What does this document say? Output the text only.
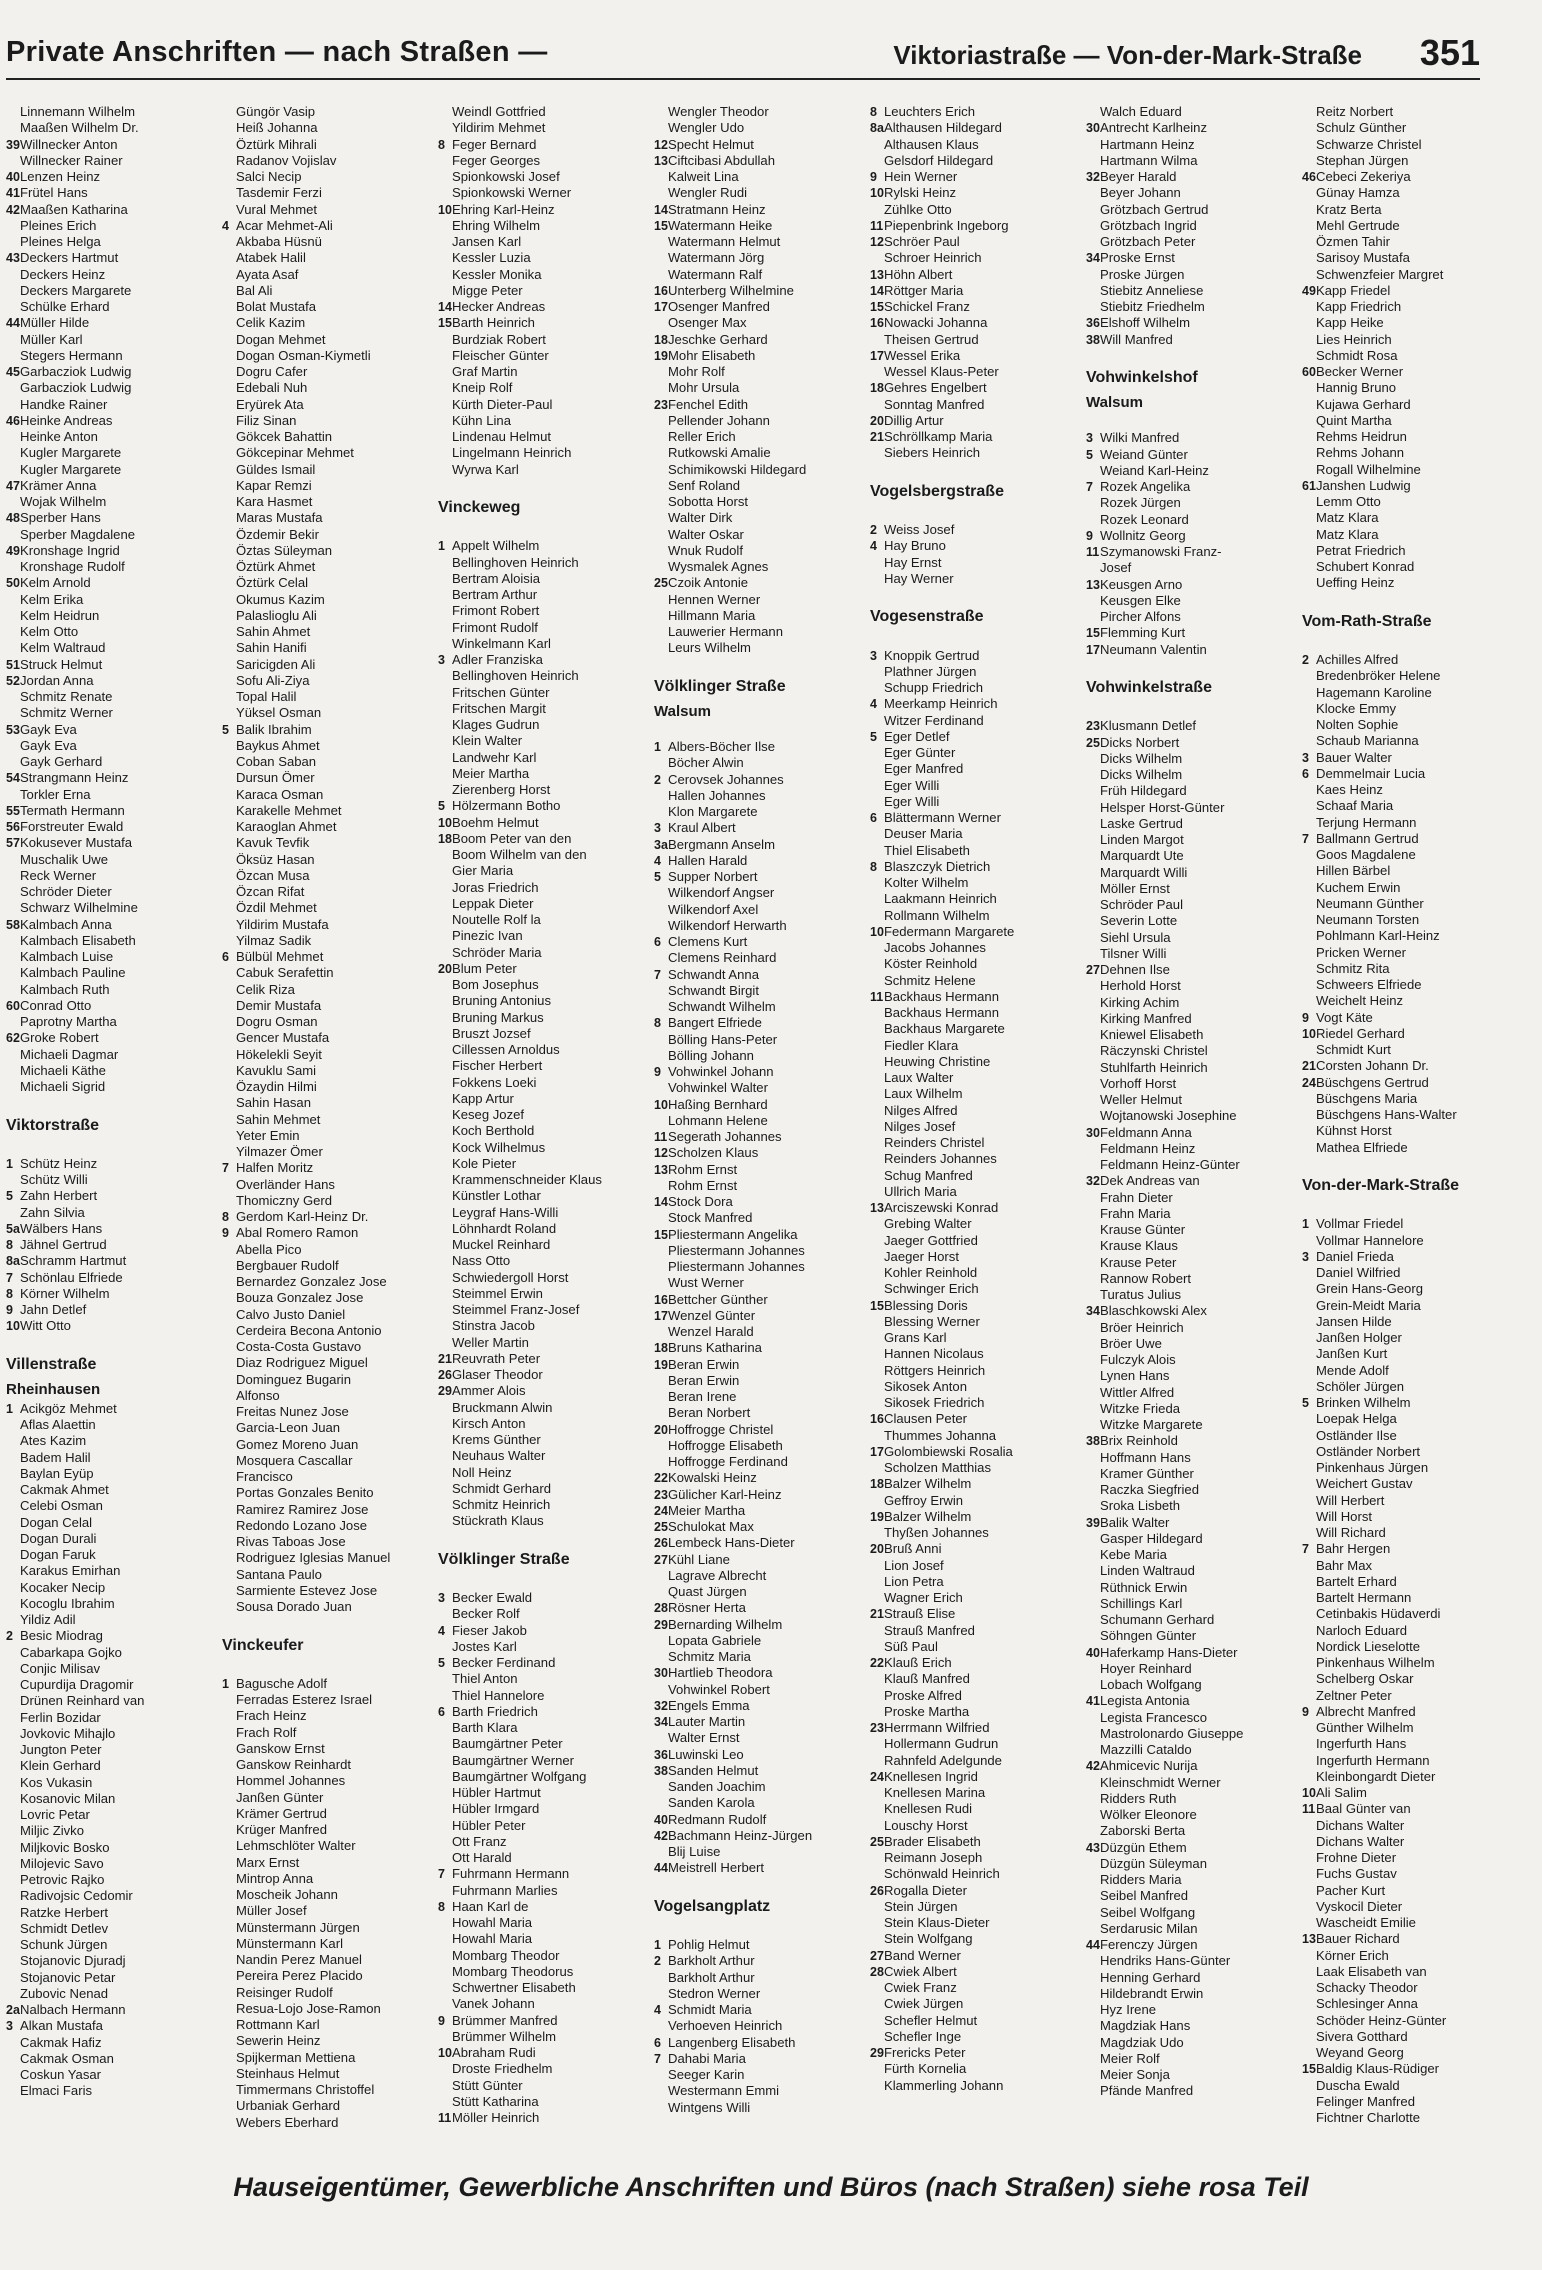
Private Anschriften — nach Straßen —	Viktoriastraße — Von-der-Mark-Straße 351
Linnemann Wilhelm
Maaßen Wilhelm Dr.
39 Willnecker Anton
Willnecker Rainer
40 Lenzen Heinz
41 Frütel Hans
42 Maaßen Katharina
Pleines Erich
Pleines Helga
43 Deckers Hartmut
Deckers Heinz
Deckers Margarete
Schülke Erhard
44 Müller Hilde
Müller Karl
Stegers Hermann
45 Garbacziok Ludwig
Garbacziok Ludwig
Handke Rainer
46 Heinke Andreas
Heinke Anton
Kugler Margarete
Kugler Margarete
47 Krämer Anna
Wojak Wilhelm
48 Sperber Hans
Sperber Magdalene
49 Kronshage Ingrid
Kronshage Rudolf
50 Kelm Arnold
Kelm Erika
Kelm Heidrun
Kelm Otto
Kelm Waltraud
51 Struck Helmut
52 Jordan Anna
Schmitz Renate
Schmitz Werner
53 Gayk Eva
Gayk Eva
Gayk Gerhard
54 Strangmann Heinz
Torkler Erna
55 Termath Hermann
56 Forstreuter Ewald
57 Kokusever Mustafa
Muschalik Uwe
Reck Werner
Schröder Dieter
Schwarz Wilhelmine
58 Kalmbach Anna
Kalmbach Elisabeth
Kalmbach Luise
Kalmbach Pauline
Kalmbach Ruth
60 Conrad Otto
Paprotny Martha
62 Groke Robert
Michaeli Dagmar
Michaeli Käthe
Michaeli Sigrid
Viktorstraße
1 Schütz Heinz
Schütz Willi
5 Zahn Herbert
Zahn Silvia
5a Wälbers Hans
8 Jähnel Gertrud
8a Schramm Hartmut
7 Schönlau Elfriede
8 Körner Wilhelm
9 Jahn Detlef
10 Witt Otto
Villenstraße
Rheinhausen
1 Acikgöz Mehmet
Aflas Alaettin
Ates Kazim
Badem Halil
Baylan Eyüp
Cakmak Ahmet
Celebi Osman
Dogan Celal
Dogan Durali
Dogan Faruk
Karakus Emirhan
Kocaker Necip
Kocoglu Ibrahim
Yildiz Adil
2 Besic Miodrag
Cabarkapa Gojko
Conjic Milisav
Cupurdija Dragomir
Drünen Reinhard van
Ferlin Bozidar
Jovkovic Mihajlo
Jungton Peter
Klein Gerhard
Kos Vukasin
Kosanovic Milan
Lovric Petar
Miljic Zivko
Miljkovic Bosko
Milojevic Savo
Petrovic Rajko
Radivojsic Cedomir
Ratzke Herbert
Schmidt Detlev
Schunk Jürgen
Stojanovic Djuradj
Stojanovic Petar
Zubovic Nenad
2a Nalbach Hermann
3 Alkan Mustafa
Cakmak Hafiz
Cakmak Osman
Coskun Yasar
Elmaci Faris
Güngör Vasip
Heiß Johanna
Öztürk Mihrali
Radanov Vojislav
Salci Necip
Tasdemir Ferzi
Vural Mehmet
4 Acar Mehmet-Ali
Akbaba Hüsnü
Atabek Halil
Ayata Asaf
Bal Ali
Bolat Mustafa
Celik Kazim
Dogan Mehmet
Dogan Osman-Kiymetli
Dogru Cafer
Edebali Nuh
Eryürek Ata
Filiz Sinan
Gökcek Bahattin
Gökcepinar Mehmet
Güldes Ismail
Kapar Remzi
Kara Hasmet
Maras Mustafa
Özdemir Bekir
Öztas Süleyman
Öztürk Ahmet
Öztürk Celal
Okumus Kazim
Palaslioglu Ali
Sahin Ahmet
Sahin Hanifi
Saricigden Ali
Sofu Ali-Ziya
Topal Halil
Yüksel Osman
5 Balik Ibrahim
Baykus Ahmet
Coban Saban
Dursun Ömer
Karaca Osman
Karakelle Mehmet
Karaoglan Ahmet
Kavuk Tevfik
Öksüz Hasan
Özcan Musa
Özcan Rifat
Özdil Mehmet
Yildirim Mustafa
Yilmaz Sadik
6 Bülbül Mehmet
Cabuk Serafettin
Celik Riza
Demir Mustafa
Dogru Osman
Gencer Mustafa
Hökelekli Seyit
Kavuklu Sami
Özaydin Hilmi
Sahin Hasan
Sahin Mehmet
Yeter Emin
Yilmazer Ömer
7 Halfen Moritz
Overländer Hans
Thomiczny Gerd
8 Gerdom Karl-Heinz Dr.
9 Abal Romero Ramon
Abella Pico
Bergbauer Rudolf
Bernardez Gonzalez Jose
Bouza Gonzalez Jose
Calvo Justo Daniel
Cerdeira Becona Antonio
Costa-Costa Gustavo
Diaz Rodriguez Miguel
Dominguez Bugarin
Alfonso
Freitas Nunez Jose
Garcia-Leon Juan
Gomez Moreno Juan
Mosquera Cascallar
Francisco
Portas Gonzales Benito
Ramirez Ramirez Jose
Redondo Lozano Jose
Rivas Taboas Jose
Rodriguez Iglesias Manuel
Santana Paulo
Sarmiente Estevez Jose
Sousa Dorado Juan
Vinckeufer
1 Bagusche Adolf
Ferradas Esterez Israel
Frach Heinz
Frach Rolf
Ganskow Ernst
Ganskow Reinhardt
Hommel Johannes
Janßen Günter
Krämer Gertrud
Krüger Manfred
Lehmschlöter Walter
Marx Ernst
Mintrop Anna
Moscheik Johann
Müller Josef
Münstermann Jürgen
Münstermann Karl
Nandin Perez Manuel
Pereira Perez Placido
Reisinger Rudolf
Resua-Lojo Jose-Ramon
Rottmann Karl
Sewerin Heinz
Spijkerman Mettiena
Steinhaus Helmut
Timmermans Christoffel
Urbaniak Gerhard
Webers Eberhard
Weindl Gottfried
Yildirim Mehmet
8 Feger Bernard
Feger Georges
Spionkowski Josef
Spionkowski Werner
10 Ehring Karl-Heinz
Ehring Wilhelm
Jansen Karl
Kessler Luzia
Kessler Monika
Migge Peter
14 Hecker Andreas
15 Barth Heinrich
Burdziak Robert
Fleischer Günter
Graf Martin
Kneip Rolf
Kürth Dieter-Paul
Kühn Lina
Lindenau Helmut
Lingelmann Heinrich
Wyrwa Karl
Vinckeweg
1 Appelt Wilhelm
Bellinghoven Heinrich
Bertram Aloisia
Bertram Arthur
Frimont Robert
Frimont Rudolf
Winkelmann Karl
3 Adler Franziska
Bellinghoven Heinrich
Fritschen Günter
Fritschen Margit
Klages Gudrun
Klein Walter
Landwehr Karl
Meier Martha
Zierenberg Horst
5 Hölzermann Botho
10 Boehm Helmut
18 Boom Peter van den
Boom Wilhelm van den
Gier Maria
Joras Friedrich
Leppak Dieter
Noutelle Rolf la
Pinezic Ivan
Schröder Maria
20 Blum Peter
Bom Josephus
Bruning Antonius
Bruning Markus
Bruszt Jozsef
Cillessen Arnoldus
Fischer Herbert
Fokkens Loeki
Kapp Artur
Keseg Jozef
Koch Berthold
Kock Wilhelmus
Kole Pieter
Krammenschneider Klaus
Künstler Lothar
Leygraf Hans-Willi
Löhnhardt Roland
Muckel Reinhard
Nass Otto
Schwiedergoll Horst
Steimmel Erwin
Steimmel Franz-Josef
Stinstra Jacob
Weller Martin
21 Reuvrath Peter
26 Glaser Theodor
29 Ammer Alois
Bruckmann Alwin
Kirsch Anton
Krems Günther
Neuhaus Walter
Noll Heinz
Schmidt Gerhard
Schmitz Heinrich
Stückrath Klaus
Völklinger Straße
3 Becker Ewald
Becker Rolf
4 Fieser Jakob
Jostes Karl
5 Becker Ferdinand
Thiel Anton
Thiel Hannelore
6 Barth Friedrich
Barth Klara
Baumgärtner Peter
Baumgärtner Werner
Baumgärtner Wolfgang
Hübler Hartmut
Hübler Irmgard
Hübler Peter
Ott Franz
Ott Harald
7 Fuhrmann Hermann
Fuhrmann Marlies
8 Haan Karl de
Howahl Maria
Howahl Maria
Mombarg Theodor
Mombarg Theodorus
Schwertner Elisabeth
Vanek Johann
9 Brümmer Manfred
Brümmer Wilhelm
10 Abraham Rudi
Droste Friedhelm
Stütt Günter
Stütt Katharina
11 Möller Heinrich
Wengler Theodor
Wengler Udo
12 Specht Helmut
13 Ciftcibasi Abdullah
Kalweit Lina
Wengler Rudi
14 Stratmann Heinz
15 Watermann Heike
Watermann Helmut
Watermann Jörg
Watermann Ralf
16 Unterberg Wilhelmine
17 Osenger Manfred
Osenger Max
18 Jeschke Gerhard
19 Mohr Elisabeth
Mohr Rolf
Mohr Ursula
23 Fenchel Edith
Pellender Johann
Reller Erich
Rutkowski Amalie
Schimikowski Hildegard
Senf Roland
Sobotta Horst
Walter Dirk
Walter Oskar
Wnuk Rudolf
Wysmalek Agnes
25 Czoik Antonie
Hennen Werner
Hillmann Maria
Lauwerier Hermann
Leurs Wilhelm
Völklinger Straße
Walsum
1 Albers-Böcher Ilse
Böcher Alwin
2 Cerovsek Johannes
Hallen Johannes
Klon Margarete
3 Kraul Albert
3a Bergmann Anselm
4 Hallen Harald
5 Supper Norbert
Wilkendorf Angser
Wilkendorf Axel
Wilkendorf Herwarth
6 Clemens Kurt
Clemens Reinhard
7 Schwandt Anna
Schwandt Birgit
Schwandt Wilhelm
8 Bangert Elfriede
Bölling Hans-Peter
Bölling Johann
9 Vohwinkel Johann
Vohwinkel Walter
10 Haßing Bernhard
Lohmann Helene
11 Segerath Johannes
12 Scholzen Klaus
13 Rohm Ernst
Rohm Ernst
14 Stock Dora
Stock Manfred
15 Pliestermann Angelika
Pliestermann Johannes
Pliestermann Johannes
Wust Werner
16 Bettcher Günther
17 Wenzel Günter
Wenzel Harald
18 Bruns Katharina
19 Beran Erwin
Beran Erwin
Beran Irene
Beran Norbert
20 Hoffrogge Christel
Hoffrogge Elisabeth
Hoffrogge Ferdinand
22 Kowalski Heinz
23 Gülicher Karl-Heinz
24 Meier Martha
25 Schulokat Max
26 Lembeck Hans-Dieter
27 Kühl Liane
Lagrave Albrecht
Quast Jürgen
28 Rösner Herta
29 Bernarding Wilhelm
Lopata Gabriele
Schmitz Maria
30 Hartlieb Theodora
Vohwinkel Robert
32 Engels Emma
34 Lauter Martin
Walter Ernst
36 Luwinski Leo
38 Sanden Helmut
Sanden Joachim
Sanden Karola
40 Redmann Rudolf
42 Bachmann Heinz-Jürgen
Blij Luise
44 Meistrell Herbert
Vogelsangplatz
1 Pohlig Helmut
2 Barkholt Arthur
Barkholt Arthur
Stedron Werner
4 Schmidt Maria
Verhoeven Heinrich
6 Langenberg Elisabeth
7 Dahabi Maria
Seeger Karin
Westermann Emmi
Wintgens Willi
8 Leuchters Erich
8a Althausen Hildegard
Althausen Klaus
Gelsdorf Hildegard
9 Hein Werner
10 Rylski Heinz
Zühlke Otto
11 Piepenbrink Ingeborg
12 Schröer Paul
Schroer Heinrich
13 Höhn Albert
14 Röttger Maria
15 Schickel Franz
16 Nowacki Johanna
Theisen Gertrud
17 Wessel Erika
Wessel Klaus-Peter
18 Gehres Engelbert
Sonntag Manfred
20 Dillig Artur
21 Schröllkamp Maria
Siebers Heinrich
Vogelsbergstraße
2 Weiss Josef
4 Hay Bruno
Hay Ernst
Hay Werner
Vogesenstraße
3 Knoppik Gertrud
Plathner Jürgen
Schupp Friedrich
4 Meerkamp Heinrich
Witzer Ferdinand
5 Eger Detlef
Eger Günter
Eger Manfred
Eger Willi
Eger Willi
6 Blättermann Werner
Deuser Maria
Thiel Elisabeth
8 Blaszczyk Dietrich
Kolter Wilhelm
Laakmann Heinrich
Rollmann Wilhelm
10 Federmann Margarete
Jacobs Johannes
Köster Reinhold
Schmitz Helene
11 Backhaus Hermann
Backhaus Hermann
Backhaus Margarete
Fiedler Klara
Heuwing Christine
Laux Walter
Laux Wilhelm
Nilges Alfred
Nilges Josef
Reinders Christel
Reinders Johannes
Schug Manfred
Ullrich Maria
13 Arciszewski Konrad
Grebing Walter
Jaeger Gottfried
Jaeger Horst
Kohler Reinhold
Schwinger Erich
15 Blessing Doris
Blessing Werner
Grans Karl
Hannen Nicolaus
Röttgers Heinrich
Sikosek Anton
Sikosek Friedrich
16 Clausen Peter
Thummes Johanna
17 Golombiewski Rosalia
Scholzen Matthias
18 Balzer Wilhelm
Geffroy Erwin
19 Balzer Wilhelm
Thyßen Johannes
20 Bruß Anni
Lion Josef
Lion Petra
Wagner Erich
21 Strauß Elise
Strauß Manfred
Süß Paul
22 Klauß Erich
Klauß Manfred
Proske Alfred
Proske Martha
23 Herrmann Wilfried
Hollermann Gudrun
Rahnfeld Adelgunde
24 Knellesen Ingrid
Knellesen Marina
Knellesen Rudi
Louschy Horst
25 Brader Elisabeth
Reimann Joseph
Schönwald Heinrich
26 Rogalla Dieter
Stein Jürgen
Stein Klaus-Dieter
Stein Wolfgang
27 Band Werner
28 Cwiek Albert
Cwiek Franz
Cwiek Jürgen
Schefler Helmut
Schefler Inge
29 Frericks Peter
Fürth Kornelia
Klammerling Johann
Walch Eduard
30 Antrecht Karlheinz
Hartmann Heinz
Hartmann Wilma
32 Beyer Harald
Beyer Johann
Grötzbach Gertrud
Grötzbach Ingrid
Grötzbach Peter
34 Proske Ernst
Proske Jürgen
Stiebitz Anneliese
Stiebitz Friedhelm
36 Elshoff Wilhelm
38 Will Manfred
Vohwinkelshof
Walsum
3 Wilki Manfred
5 Weiand Günter
Weiand Karl-Heinz
7 Rozek Angelika
Rozek Jürgen
Rozek Leonard
9 Wollnitz Georg
11 Szymanowski Franz-
Josef
13 Keusgen Arno
Keusgen Elke
Pircher Alfons
15 Flemming Kurt
17 Neumann Valentin
Vohwinkelstraße
23 Klusmann Detlef
25 Dicks Norbert
Dicks Wilhelm
Dicks Wilhelm
Früh Hildegard
Helsper Horst-Günter
Laske Gertrud
Linden Margot
Marquardt Ute
Marquardt Willi
Möller Ernst
Schröder Paul
Severin Lotte
Siehl Ursula
Tilsner Willi
27 Dehnen Ilse
Herhold Horst
Kirking Achim
Kirking Manfred
Kniewel Elisabeth
Räczynski Christel
Stuhlfarth Heinrich
Vorhoff Horst
Weller Helmut
Wojtanowski Josephine
30 Feldmann Anna
Feldmann Heinz
Feldmann Heinz-Günter
32 Dek Andreas van
Frahn Dieter
Frahn Maria
Krause Günter
Krause Klaus
Krause Peter
Rannow Robert
Turatus Julius
34 Blaschkowski Alex
Bröer Heinrich
Bröer Uwe
Fulczyk Alois
Lynen Hans
Wittler Alfred
Witzke Frieda
Witzke Margarete
38 Brix Reinhold
Hoffmann Hans
Kramer Günther
Raczka Siegfried
Sroka Lisbeth
39 Balik Walter
Gasper Hildegard
Kebe Maria
Linden Waltraud
Rüthnick Erwin
Schillings Karl
Schumann Gerhard
Söhngen Günter
40 Haferkamp Hans-Dieter
Hoyer Reinhard
Lobach Wolfgang
41 Legista Antonia
Legista Francesco
Mastrolonardo Giuseppe
Mazzilli Cataldo
42 Ahmicevic Nurija
Kleinschmidt Werner
Ridders Ruth
Wölker Eleonore
Zaborski Berta
43 Düzgün Ethem
Düzgün Süleyman
Ridders Maria
Seibel Manfred
Seibel Wolfgang
Serdarusic Milan
44 Ferenczy Jürgen
Hendriks Hans-Günter
Henning Gerhard
Hildebrandt Erwin
Hyz Irene
Magdziak Hans
Magdziak Udo
Meier Rolf
Meier Sonja
Pfände Manfred
Reitz Norbert
Schulz Günther
Schwarze Christel
Stephan Jürgen
46 Cebeci Zekeriya
Günay Hamza
Kratz Berta
Mehl Gertrude
Özmen Tahir
Sarisoy Mustafa
Schwenzfeier Margret
49 Kapp Friedel
Kapp Friedrich
Kapp Heike
Lies Heinrich
Schmidt Rosa
60 Becker Werner
Hannig Bruno
Kujawa Gerhard
Quint Martha
Rehms Heidrun
Rehms Johann
Rogall Wilhelmine
61 Janshen Ludwig
Lemm Otto
Matz Klara
Matz Klara
Petrat Friedrich
Schubert Konrad
Ueffing Heinz
Vom-Rath-Straße
2 Achilles Alfred
Bredenbröker Helene
Hagemann Karoline
Klocke Emmy
Nolten Sophie
Schaub Marianna
3 Bauer Walter
6 Demmelmair Lucia
Kaes Heinz
Schaaf Maria
Terjung Hermann
7 Ballmann Gertrud
Goos Magdalene
Hillen Bärbel
Kuchem Erwin
Neumann Günther
Neumann Torsten
Pohlmann Karl-Heinz
Pricken Werner
Schmitz Rita
Schweers Elfriede
Weichelt Heinz
9 Vogt Käte
10 Riedel Gerhard
Schmidt Kurt
21 Corsten Johann Dr.
24 Büschgens Gertrud
Büschgens Maria
Büschgens Hans-Walter
Kühnst Horst
Mathea Elfriede
Von-der-Mark-Straße
1 Vollmar Friedel
Vollmar Hannelore
3 Daniel Frieda
Daniel Wilfried
Grein Hans-Georg
Grein-Meidt Maria
Jansen Hilde
Janßen Holger
Janßen Kurt
Mende Adolf
Schöler Jürgen
5 Brinken Wilhelm
Loepak Helga
Ostländer Ilse
Ostländer Norbert
Pinkenhaus Jürgen
Weichert Gustav
Will Herbert
Will Horst
Will Richard
7 Bahr Hergen
Bahr Max
Bartelt Erhard
Bartelt Hermann
Cetinbakis Hüdaverdi
Narloch Eduard
Nordick Lieselotte
Pinkenhaus Wilhelm
Schelberg Oskar
Zeltner Peter
9 Albrecht Manfred
Günther Wilhelm
Ingerfurth Hans
Ingerfurth Hermann
Kleinbongardt Dieter
10 Ali Salim
11 Baal Günter van
Dichans Walter
Dichans Walter
Frohne Dieter
Fuchs Gustav
Pacher Kurt
Vyskocil Dieter
Wascheidt Emilie
13 Bauer Richard
Körner Erich
Laak Elisabeth van
Schacky Theodor
Schlesinger Anna
Schöder Heinz-Günter
Sivera Gotthard
Weyand Georg
15 Baldig Klaus-Rüdiger
Duscha Ewald
Felinger Manfred
Fichtner Charlotte
Hauseigentümer, Gewerbliche Anschriften und Büros (nach Straßen) siehe rosa Teil
